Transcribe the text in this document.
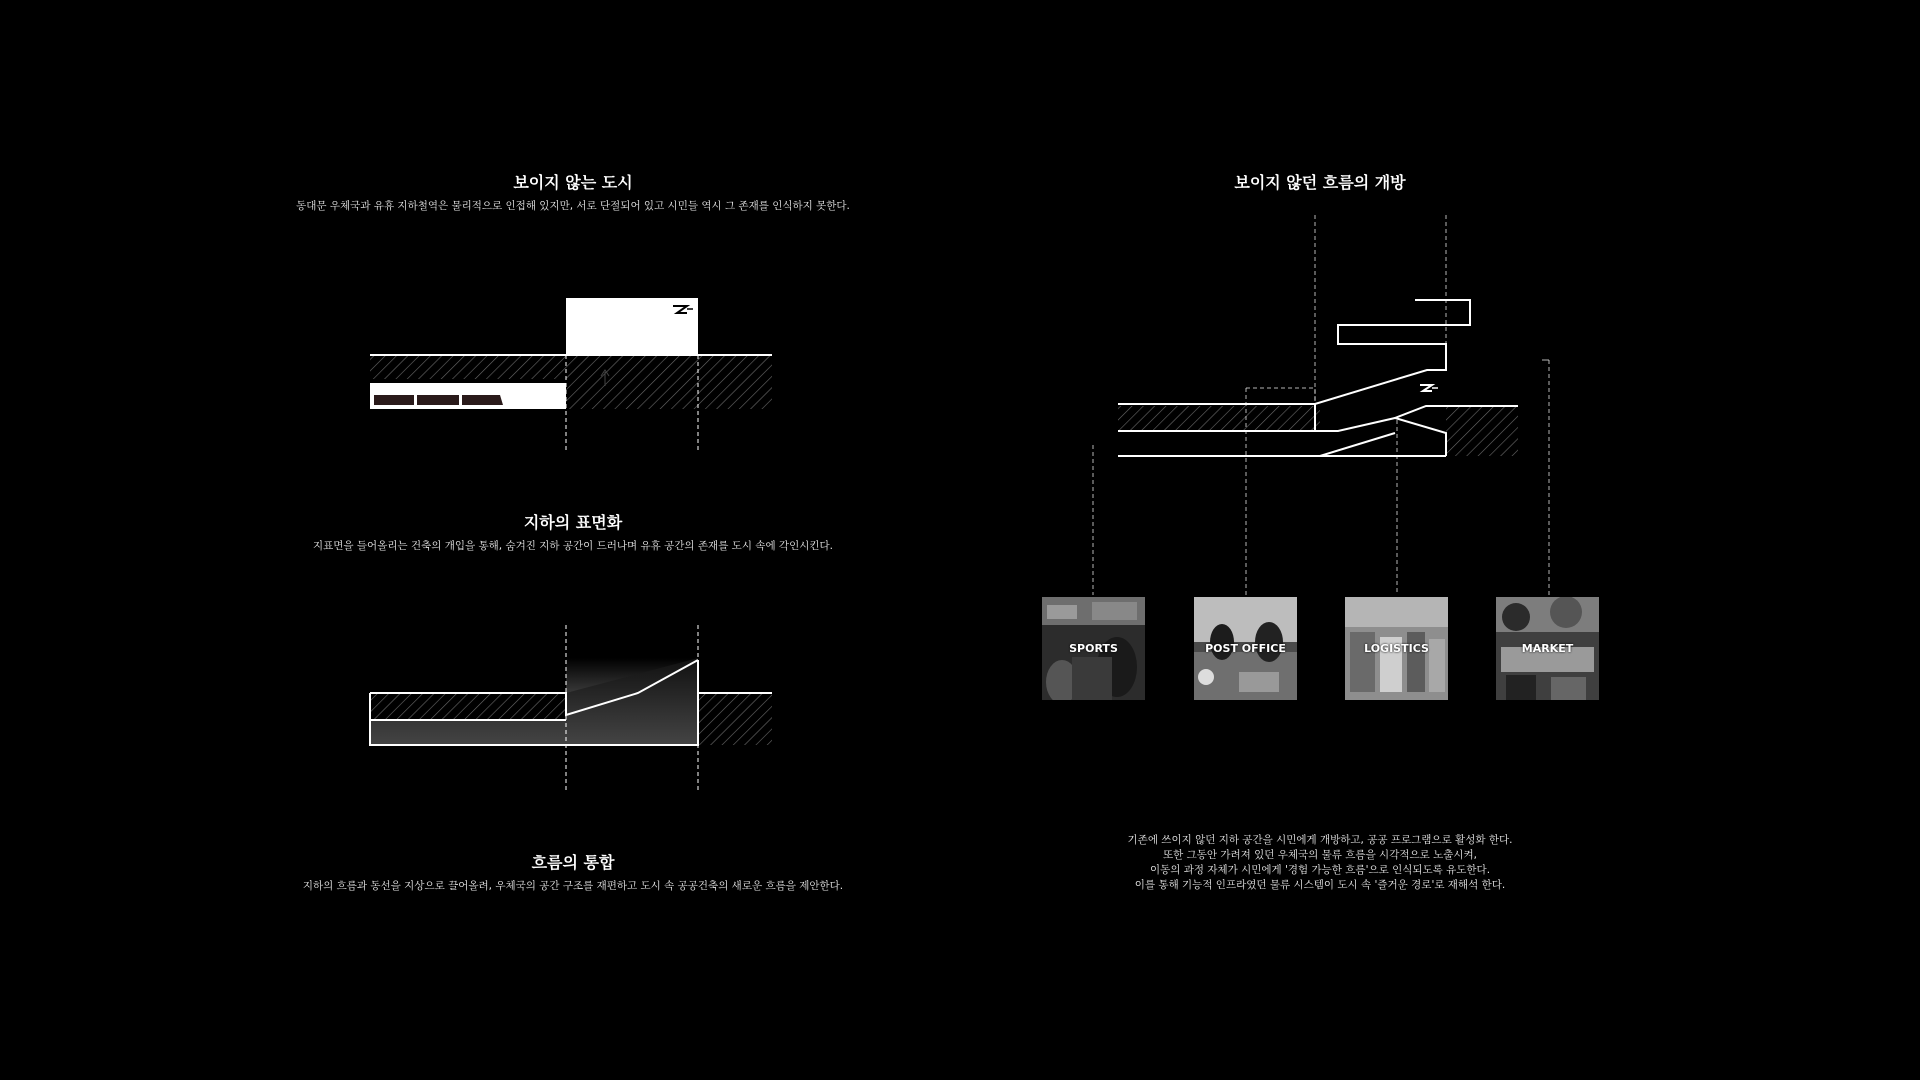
보이지 않는 도시
동대문 우체국과 유휴 지하철역은 물리적으로 인접해 있지만, 서로 단절되어 있고 시민들 역시 그 존재를 인식하지 못한다.
지하의 표면화
지표면을 들어올리는 건축의 개입을 통해, 숨겨진 지하 공간이 드러나며 유휴 공간의 존재를 도시 속에 각인시킨다.
흐름의 통합
지하의 흐름과 동선을 지상으로 끌어올려, 우체국의 공간 구조를 재편하고 도시 속 공공건축의 새로운 흐름을 제안한다.
보이지 않던 흐름의 개방
SPORTS	POST OFFICE	LOGISTICS	MARKET
기존에 쓰이지 않던 지하 공간을 시민에게 개방하고, 공공 프로그램으로 활성화 한다.
또한 그동안 가려져 있던 우체국의 물류 흐름을 시각적으로 노출시켜,
이동의 과정 자체가 시민에게 '경험 가능한 흐름'으로 인식되도록 유도한다.
이를 통해 기능적 인프라였던 물류 시스템이 도시 속 '즐거운 경로'로 재해석 한다.
